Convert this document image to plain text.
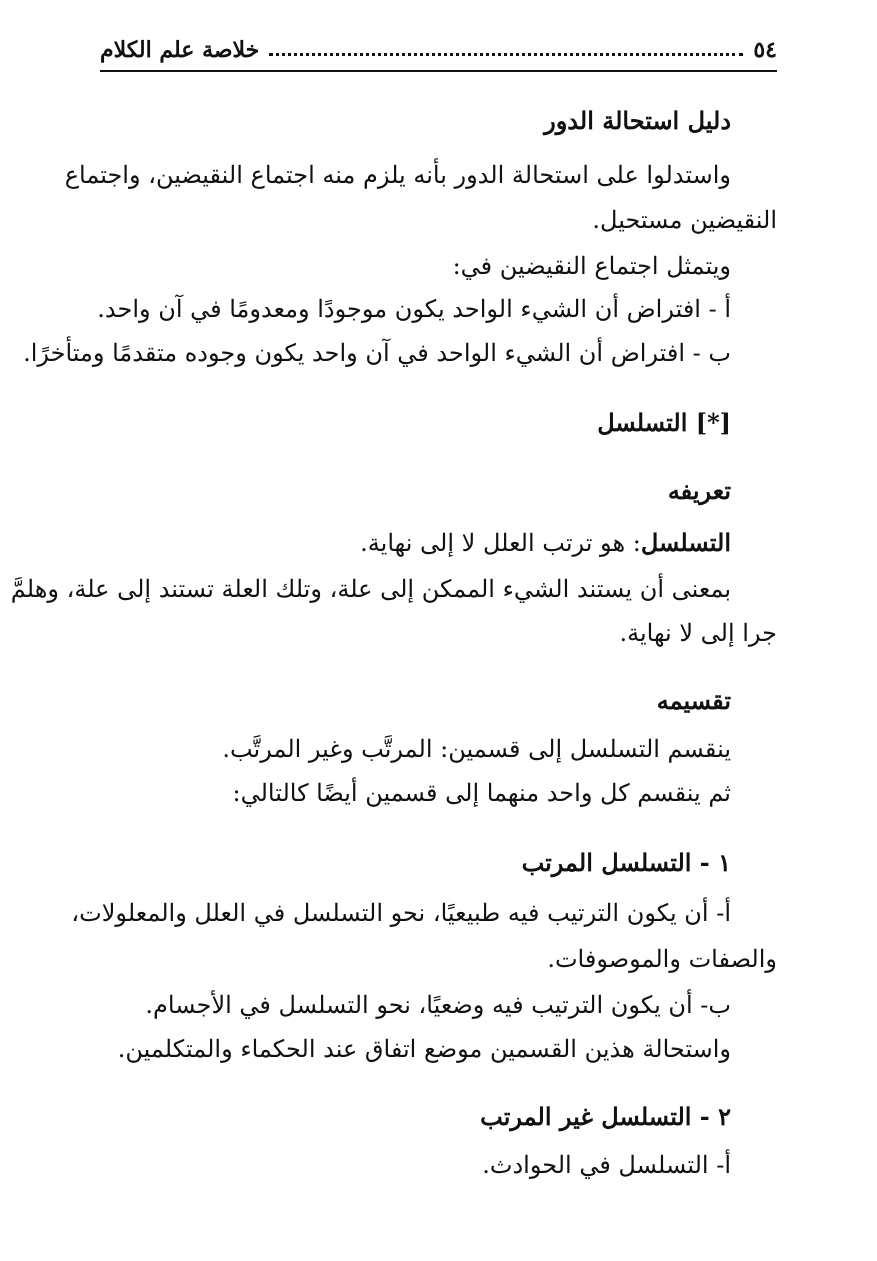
٥٤
خلاصة علم الكلام
دليل استحالة الدور
واستدلوا على استحالة الدور بأنه يلزم منه اجتماع النقيضين، واجتماع
النقيضين مستحيل.
ويتمثل اجتماع النقيضين في:
أ - افتراض أن الشيء الواحد يكون موجودًا ومعدومًا في آن واحد.
ب - افتراض أن الشيء الواحد في آن واحد يكون وجوده متقدمًا ومتأخرًا.
[*] التسلسل
تعريفه
التسلسل: هو ترتب العلل لا إلى نهاية.
بمعنى أن يستند الشيء الممكن إلى علة، وتلك العلة تستند إلى علة، وهلمَّ
جرا إلى لا نهاية.
تقسيمه
ينقسم التسلسل إلى قسمين: المرتَّب وغير المرتَّب.
ثم ينقسم كل واحد منهما إلى قسمين أيضًا كالتالي:
١ - التسلسل المرتب
أ- أن يكون الترتيب فيه طبيعيًا، نحو التسلسل في العلل والمعلولات،
والصفات والموصوفات.
ب- أن يكون الترتيب فيه وضعيًا، نحو التسلسل في الأجسام.
واستحالة هذين القسمين موضع اتفاق عند الحكماء والمتكلمين.
٢ - التسلسل غير المرتب
أ- التسلسل في الحوادث.
